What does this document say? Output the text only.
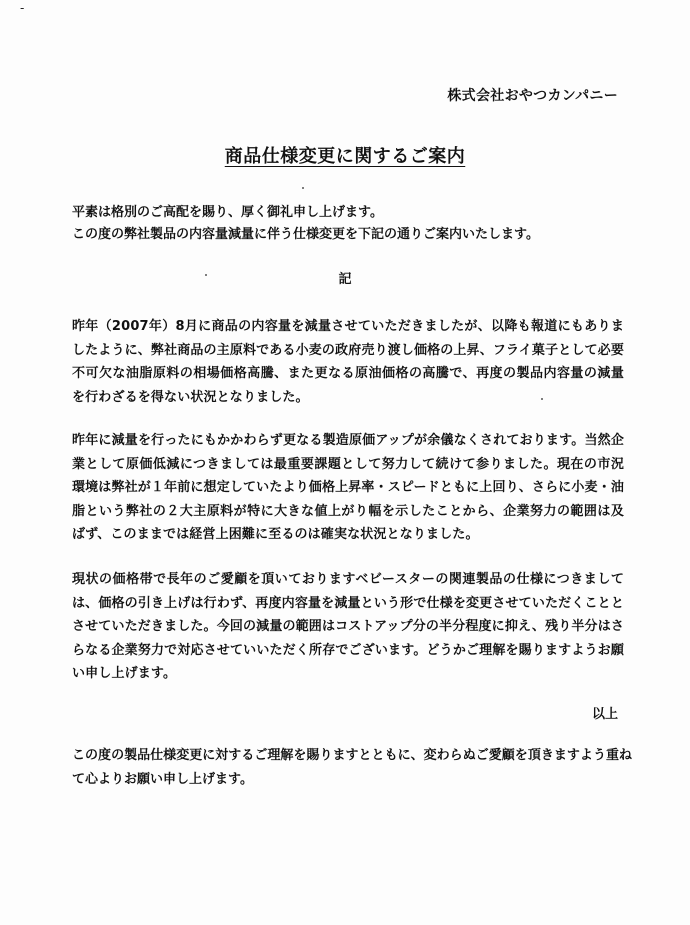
-
株式会社おやつカンパニー
商品仕様変更に関するご案内

平素は格別のご高配を賜り、厚く御礼申し上げます。

この度の弊社製品の内容量減量に伴う仕様変更を下記の通りご案内いたします。

記
昨年（2007年）8月に商品の内容量を減量させていただきましたが、以降も報道にもありましたように、弊社商品の主原料である小麦の政府売り渡し価格の上昇、フライ菓子として必要不可欠な油脂原料の相場価格高騰、また更なる原油価格の高騰で、再度の製品内容量の減量を行わざるを得ない状況となりました。
昨年に減量を行ったにもかかわらず更なる製造原価アップが余儀なくされております。当然企業として原価低減につきましては最重要課題として努力して続けて参りました。現在の市況環境は弊社が１年前に想定していたより価格上昇率・スピードともに上回り、さらに小麦・油脂という弊社の２大主原料が特に大きな値上がり幅を示したことから、企業努力の範囲は及ばず、このままでは経営上困難に至るのは確実な状況となりました。
現状の価格帯で長年のご愛顧を頂いておりますベビースターの関連製品の仕様につきましては、価格の引き上げは行わず、再度内容量を減量という形で仕様を変更させていただくこととさせていただきました。今回の減量の範囲はコストアップ分の半分程度に抑え、残り半分はさらなる企業努力で対応させていいただく所存でございます。どうかご理解を賜りますようお願い申し上げます。
以上
この度の製品仕様変更に対するご理解を賜りますとともに、変わらぬご愛顧を頂きますよう重ねて心よりお願い申し上げます。
